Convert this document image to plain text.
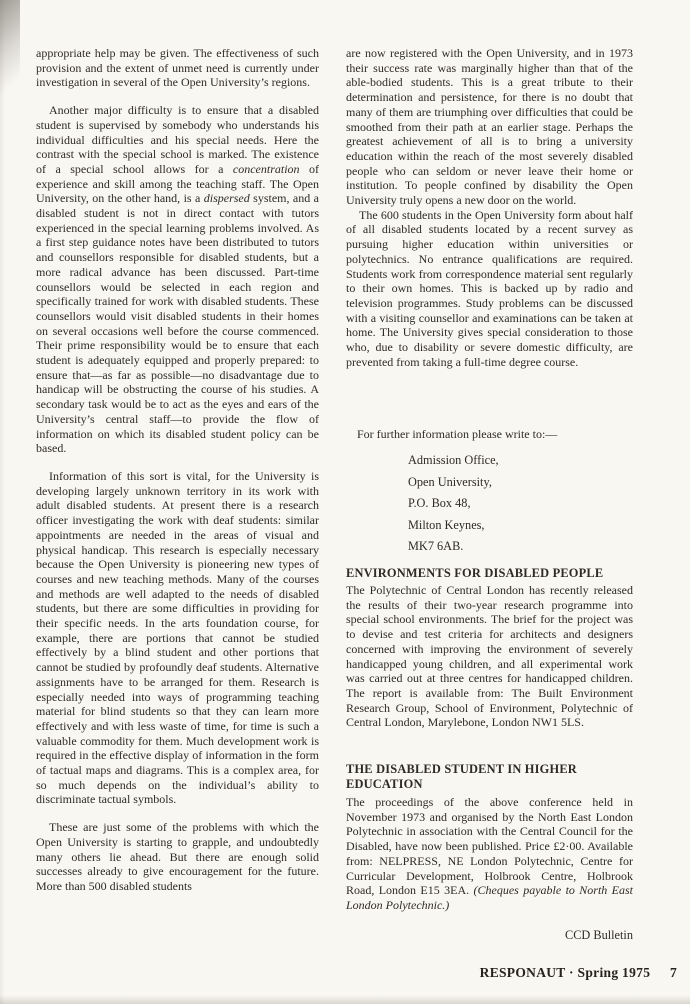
appropriate help may be given. The effectiveness of such provision and the extent of unmet need is currently under investigation in several of the Open University’s regions.

Another major difficulty is to ensure that a disabled student is supervised by somebody who understands his individual difficulties and his special needs. Here the contrast with the special school is marked. The existence of a special school allows for a concentration of experience and skill among the teaching staff. The Open University, on the other hand, is a dispersed system, and a disabled student is not in direct contact with tutors experienced in the special learning problems involved. As a first step guidance notes have been distributed to tutors and counsellors responsible for disabled students, but a more radical advance has been discussed. Part-time counsellors would be selected in each region and specifically trained for work with disabled students. These counsellors would visit disabled students in their homes on several occasions well before the course commenced. Their prime responsibility would be to ensure that each student is adequately equipped and properly prepared: to ensure that—as far as possible—no disadvantage due to handicap will be obstructing the course of his studies. A secondary task would be to act as the eyes and ears of the University’s central staff—to provide the flow of information on which its disabled student policy can be based.

Information of this sort is vital, for the University is developing largely unknown territory in its work with adult disabled students. At present there is a research officer investigating the work with deaf students: similar appointments are needed in the areas of visual and physical handicap. This research is especially necessary because the Open University is pioneering new types of courses and new teaching methods. Many of the courses and methods are well adapted to the needs of disabled students, but there are some difficulties in providing for their specific needs. In the arts foundation course, for example, there are portions that cannot be studied effectively by a blind student and other portions that cannot be studied by profoundly deaf students. Alternative assignments have to be arranged for them. Research is especially needed into ways of programming teaching material for blind students so that they can learn more effectively and with less waste of time, for time is such a valuable commodity for them. Much development work is required in the effective display of information in the form of tactual maps and diagrams. This is a complex area, for so much depends on the individual’s ability to discriminate tactual symbols.

These are just some of the problems with which the Open University is starting to grapple, and undoubtedly many others lie ahead. But there are enough solid successes already to give encouragement for the future. More than 500 disabled students

are now registered with the Open University, and in 1973 their success rate was marginally higher than that of the able-bodied students. This is a great tribute to their determination and persistence, for there is no doubt that many of them are triumphing over difficulties that could be smoothed from their path at an earlier stage. Perhaps the greatest achievement of all is to bring a university education within the reach of the most severely disabled people who can seldom or never leave their home or institution. To people confined by disability the Open University truly opens a new door on the world.

The 600 students in the Open University form about half of all disabled students located by a recent survey as pursuing higher education within universities or polytechnics. No entrance qualifications are required. Students work from correspondence material sent regularly to their own homes. This is backed up by radio and television programmes. Study problems can be discussed with a visiting counsellor and examinations can be taken at home. The University gives special consideration to those who, due to disability or severe domestic difficulty, are prevented from taking a full-time degree course.

For further information please write to:—
Admission Office,
Open University,
P.O. Box 48,
Milton Keynes,
MK7 6AB.
ENVIRONMENTS FOR DISABLED PEOPLE

The Polytechnic of Central London has recently released the results of their two-year research programme into special school environments. The brief for the project was to devise and test criteria for architects and designers concerned with improving the environment of severely handicapped young children, and all experimental work was carried out at three centres for handicapped children. The report is available from: The Built Environment Research Group, School of Environment, Polytechnic of Central London, Marylebone, London NW1 5LS.

THE DISABLED STUDENT IN HIGHER EDUCATION

The proceedings of the above conference held in November 1973 and organised by the North East London Polytechnic in association with the Central Council for the Disabled, have now been published. Price £2·00. Available from: NELPRESS, NE London Polytechnic, Centre for Curricular Development, Holbrook Centre, Holbrook Road, London E15 3EA. (Cheques payable to North East London Polytechnic.)

CCD Bulletin
RESPONAUT · Spring 1975 7
